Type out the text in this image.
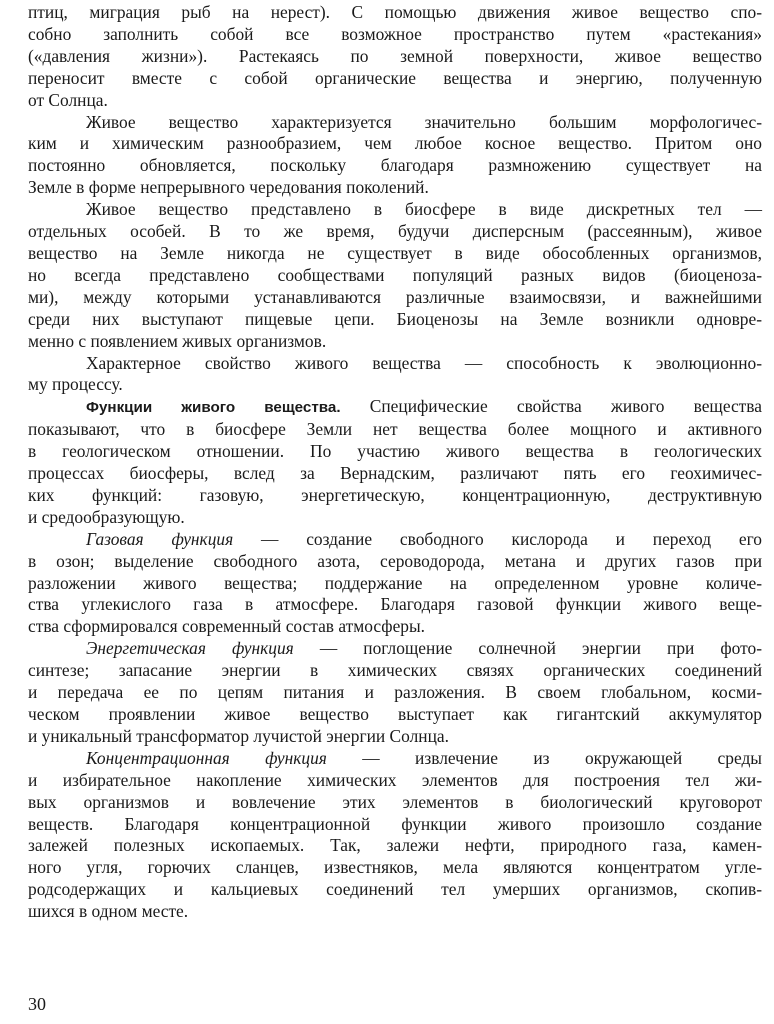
птиц, миграция рыб на нерест). С помощью движения живое вещество спо-
собно заполнить собой все возможное пространство путем «растекания»
(«давления жизни»). Растекаясь по земной поверхности, живое вещество
переносит вместе с собой органические вещества и энергию, полученную
от Солнца.

Живое вещество характеризуется значительно большим морфологичес-
ким и химическим разнообразием, чем любое косное вещество. Притом оно
постоянно обновляется, поскольку благодаря размножению существует на
Земле в форме непрерывного чередования поколений.

Живое вещество представлено в биосфере в виде дискретных тел —
отдельных особей. В то же время, будучи дисперсным (рассеянным), живое
вещество на Земле никогда не существует в виде обособленных организмов,
но всегда представлено сообществами популяций разных видов (биоценоза-
ми), между которыми устанавливаются различные взаимосвязи, и важнейшими
среди них выступают пищевые цепи. Биоценозы на Земле возникли одновре-
менно с появлением живых организмов.

Характерное свойство живого вещества — способность к эволюционно-
му процессу.

Функции живого вещества. Специфические свойства живого вещества
показывают, что в биосфере Земли нет вещества более мощного и активного
в геологическом отношении. По участию живого вещества в геологических
процессах биосферы, вслед за Вернадским, различают пять его геохимичес-
ких функций: газовую, энергетическую, концентрационную, деструктивную
и средообразующую.

Газовая функция — создание свободного кислорода и переход его
в озон; выделение свободного азота, сероводорода, метана и других газов при
разложении живого вещества; поддержание на определенном уровне количе-
ства углекислого газа в атмосфере. Благодаря газовой функции живого веще-
ства сформировался современный состав атмосферы.

Энергетическая функция — поглощение солнечной энергии при фото-
синтезе; запасание энергии в химических связях органических соединений
и передача ее по цепям питания и разложения. В своем глобальном, косми-
ческом проявлении живое вещество выступает как гигантский аккумулятор
и уникальный трансформатор лучистой энергии Солнца.

Концентрационная функция — извлечение из окружающей среды
и избирательное накопление химических элементов для построения тел жи-
вых организмов и вовлечение этих элементов в биологический круговорот
веществ. Благодаря концентрационной функции живого произошло создание
залежей полезных ископаемых. Так, залежи нефти, природного газа, камен-
ного угля, горючих сланцев, известняков, мела являются концентратом угле-
родсодержащих и кальциевых соединений тел умерших организмов, скопив-
шихся в одном месте.

30
